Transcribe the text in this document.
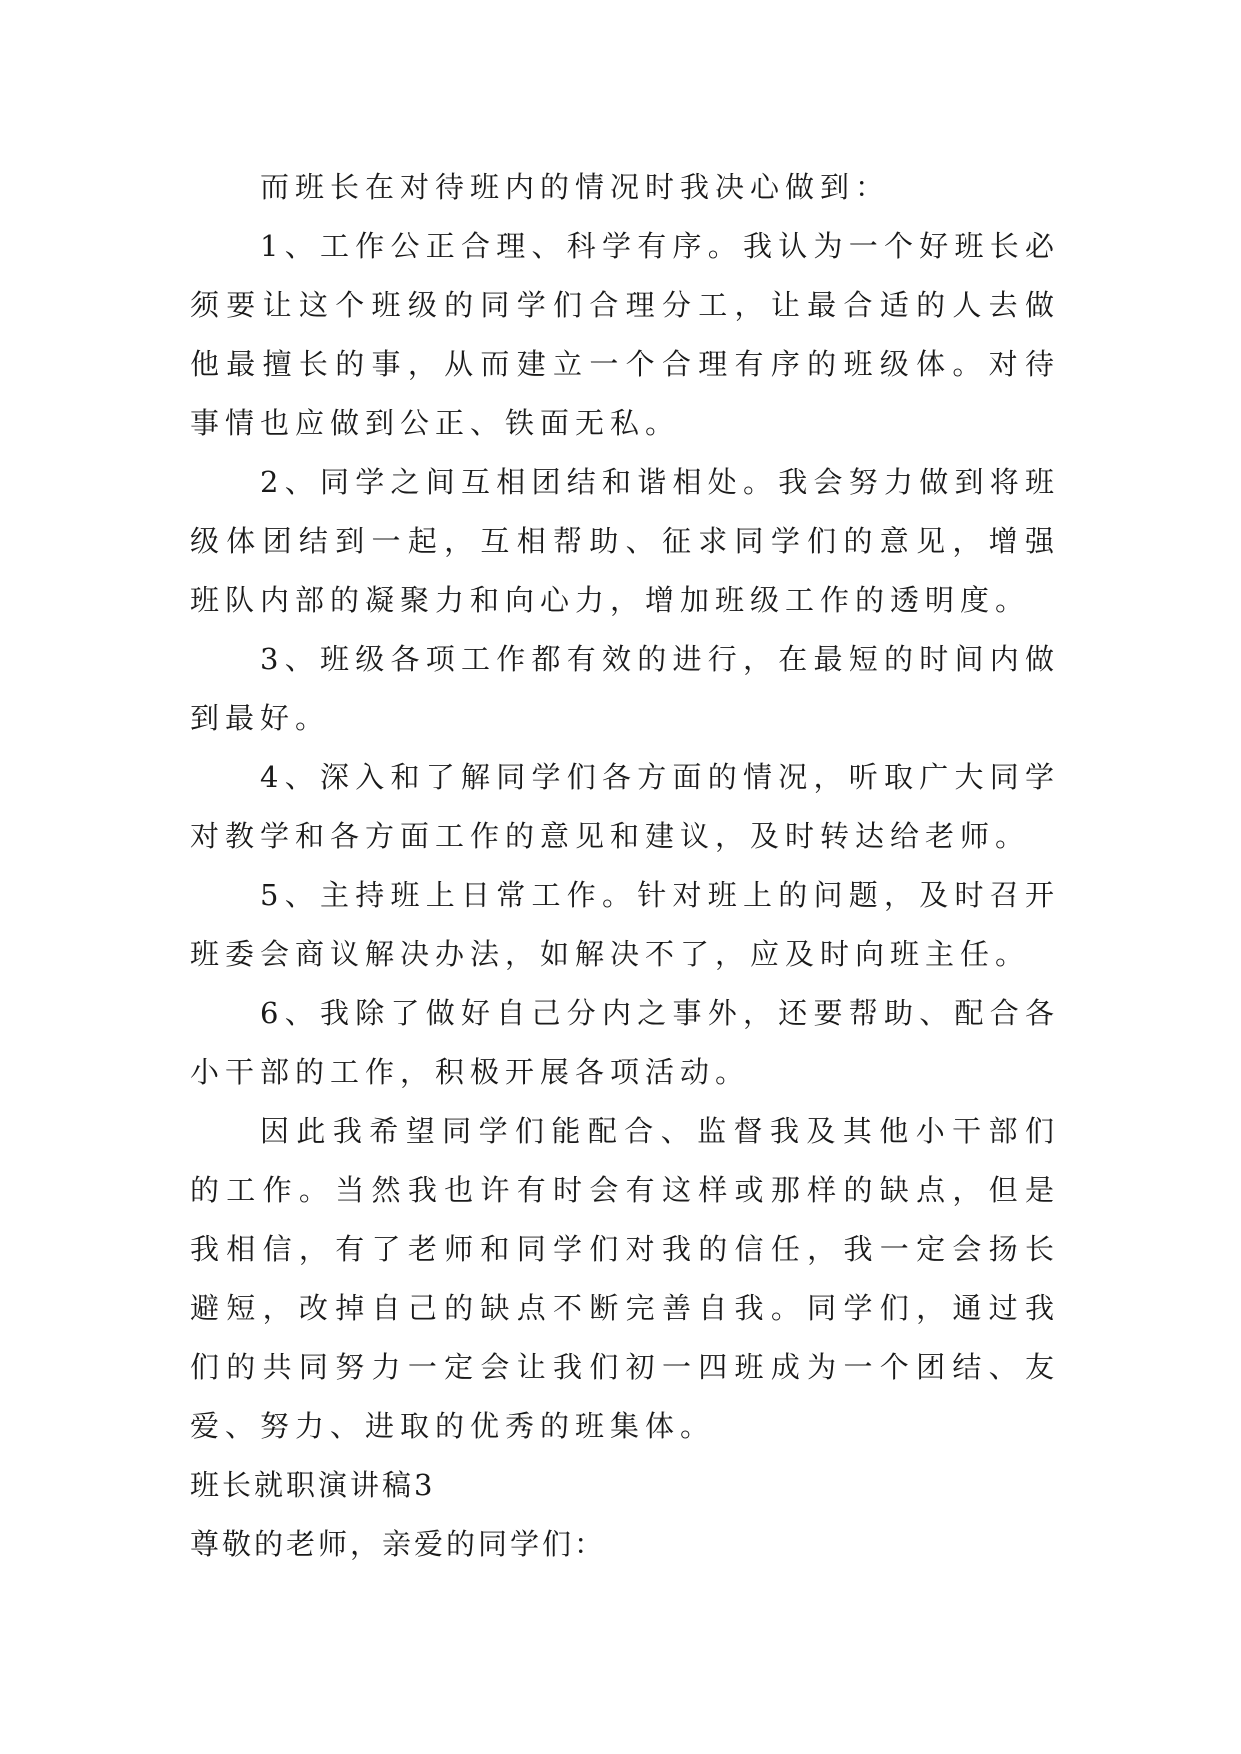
而班长在对待班内的情况时我决心做到：

1、工作公正合理、科学有序。我认为一个好班长必须要让这个班级的同学们合理分工，让最合适的人去做他最擅长的事，从而建立一个合理有序的班级体。对待事情也应做到公正、铁面无私。

2、同学之间互相团结和谐相处。我会努力做到将班级体团结到一起，互相帮助、征求同学们的意见，增强班队内部的凝聚力和向心力，增加班级工作的透明度。

3、班级各项工作都有效的进行，在最短的时间内做到最好。

4、深入和了解同学们各方面的情况，听取广大同学对教学和各方面工作的意见和建议，及时转达给老师。

5、主持班上日常工作。针对班上的问题，及时召开班委会商议解决办法，如解决不了，应及时向班主任。

6、我除了做好自己分内之事外，还要帮助、配合各小干部的工作，积极开展各项活动。

因此我希望同学们能配合、监督我及其他小干部们的工作。当然我也许有时会有这样或那样的缺点，但是我相信，有了老师和同学们对我的信任，我一定会扬长避短，改掉自己的缺点不断完善自我。同学们，通过我们的共同努力一定会让我们初一四班成为一个团结、友爱、努力、进取的优秀的班集体。

班长就职演讲稿3

尊敬的老师，亲爱的同学们：
